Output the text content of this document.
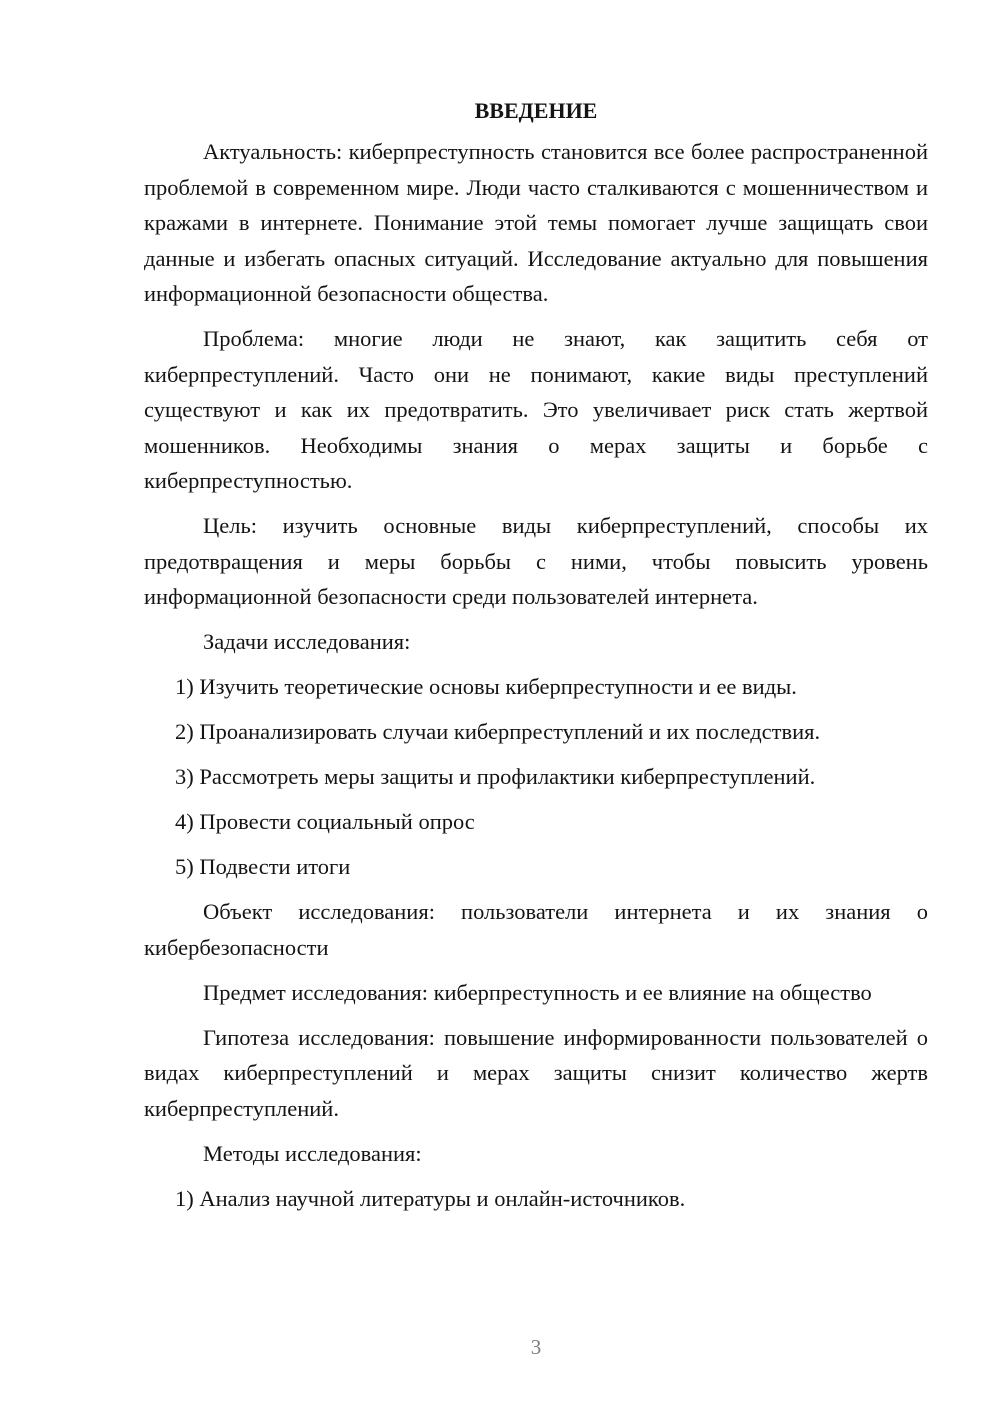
ВВЕДЕНИЕ

Актуальность: киберпреступность становится все более распространенной проблемой в современном мире. Люди часто сталкиваются с мошенничеством и кражами в интернете. Понимание этой темы помогает лучше защищать свои данные и избегать опасных ситуаций. Исследование актуально для повышения информационной безопасности общества.

Проблема: многие люди не знают, как защитить себя от киберпреступлений. Часто они не понимают, какие виды преступлений существуют и как их предотвратить. Это увеличивает риск стать жертвой мошенников. Необходимы знания о мерах защиты и борьбе с киберпреступностью.

Цель: изучить основные виды киберпреступлений, способы их предотвращения и меры борьбы с ними, чтобы повысить уровень информационной безопасности среди пользователей интернета.

Задачи исследования:

1) Изучить теоретические основы киберпреступности и ее виды.
2) Проанализировать случаи киберпреступлений и их последствия.
3) Рассмотреть меры защиты и профилактики киберпреступлений.
4) Провести социальный опрос
5) Подвести итоги

Объект исследования: пользователи интернета и их знания о кибербезопасности

Предмет исследования: киберпреступность и ее влияние на общество

Гипотеза исследования: повышение информированности пользователей о видах киберпреступлений и мерах защиты снизит количество жертв киберпреступлений.

Методы исследования:

1) Анализ научной литературы и онлайн-источников.
3
